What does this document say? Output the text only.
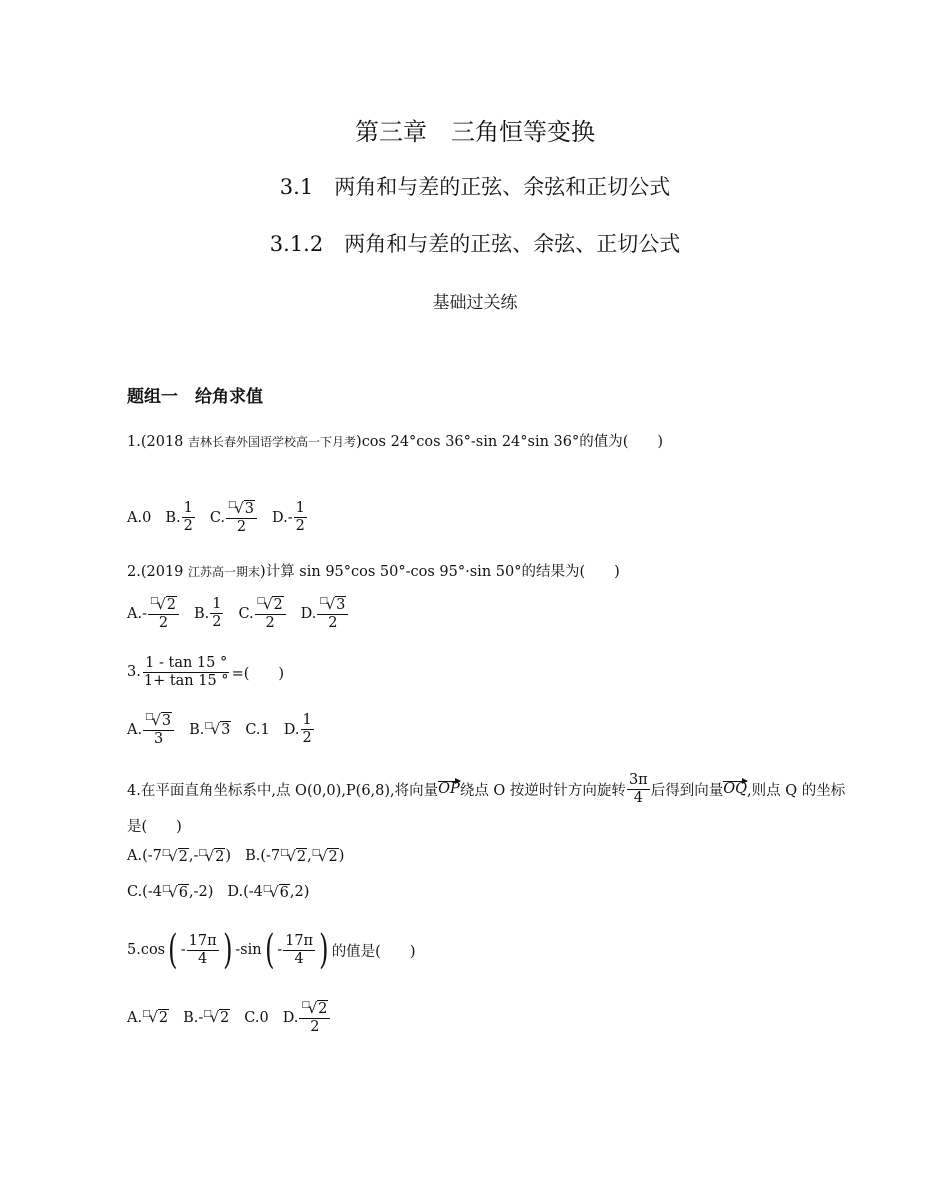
第三章　三角恒等变换
3.1　两角和与差的正弦、余弦和正切公式
3.1.2　两角和与差的正弦、余弦、正切公式
基础过关练
题组一　给角求值
1.(2018 吉林长春外国语学校高一下月考)cos 24°cos 36°-sin 24°sin 36°的值为(　　)
A.0 B. $\frac{1}{2} C$. $\frac{^□√3}{2} D.- \frac{1}{2}$
2.(2019 江苏高一期末)计算 sin 95°cos 50°-cos 95°·sin 50°的结果为(　　)
$A.- \frac{^□√2}{2} B$. $\frac{1}{2} C$. $\frac{^□√2}{2} D$. $\frac{^□√3}{2}$
3. $\frac{1 - \tan 15 ^\circ}{1+ \tan 15 ^\circ}$ =(　　)
A. $\frac{^□√3}{3} B$. □√3 C.1 D. $\frac{1}{2}$
4.在平面直角坐标系中,点 O(0,0),P(6,8),将向量 OP 绕点 O 按逆时针方向旋转 $\frac{3\pi}{4}$ 后得到向量 OQ ,则点 Q 的坐标
是(　　)
A.(-7 □√2 ,- □√2 ) B.(-7 □√2 , □√2 )
C.(-4 □√6 ,-2) D.(-4 □√6 ,2)
5.cos ( - $\frac{17\pi}{4}$ ) -sin ( - $\frac{17\pi}{4}$ ) 的值是(　　)
A. □√2 B.- □√2 C.0 D. $\frac{^□√2}{2}$
